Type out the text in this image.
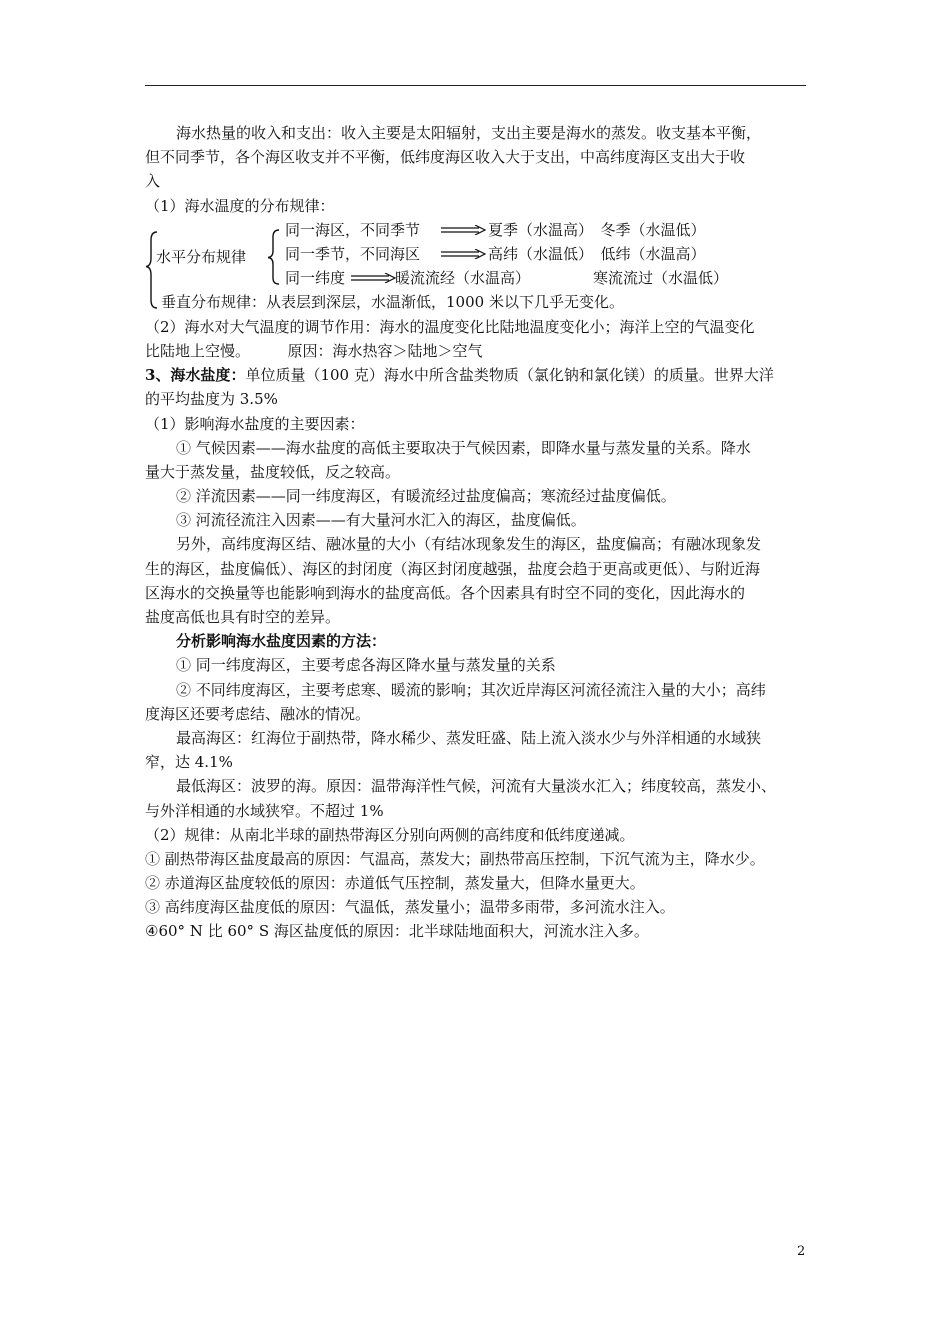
海水热量的收入和支出：收入主要是太阳辐射，支出主要是海水的蒸发。收支基本平衡，
但不同季节，各个海区收支并不平衡，低纬度海区收入大于支出，中高纬度海区支出大于收
入
（1）海水温度的分布规律：
水平分布规律
同一海区，不同季节	夏季（水温高）　冬季（水温低）
同一季节，不同海区	高纬（水温低）　低纬（水温高）
同一纬度	暖流流经（水温高）	寒流流过（水温低）
垂直分布规律：从表层到深层，水温渐低，1000 米以下几乎无变化。
（2）海水对大气温度的调节作用：海水的温度变化比陆地温度变化小；海洋上空的气温变化
比陆地上空慢。　　　原因：海水热容＞陆地＞空气
3、海水盐度：单位质量（100 克）海水中所含盐类物质（氯化钠和氯化镁）的质量。世界大洋
的平均盐度为 3.5%
（1）影响海水盐度的主要因素：
① 气候因素——海水盐度的高低主要取决于气候因素，即降水量与蒸发量的关系。降水
量大于蒸发量，盐度较低，反之较高。
② 洋流因素——同一纬度海区，有暖流经过盐度偏高；寒流经过盐度偏低。
③ 河流径流注入因素——有大量河水汇入的海区，盐度偏低。
另外，高纬度海区结、融冰量的大小（有结冰现象发生的海区，盐度偏高；有融冰现象发
生的海区，盐度偏低）、海区的封闭度（海区封闭度越强，盐度会趋于更高或更低）、与附近海
区海水的交换量等也能影响到海水的盐度高低。各个因素具有时空不同的变化，因此海水的
盐度高低也具有时空的差异。
分析影响海水盐度因素的方法：
① 同一纬度海区，主要考虑各海区降水量与蒸发量的关系
② 不同纬度海区，主要考虑寒、暖流的影响；其次近岸海区河流径流注入量的大小；高纬
度海区还要考虑结、融冰的情况。
最高海区：红海位于副热带，降水稀少、蒸发旺盛、陆上流入淡水少与外洋相通的水域狭
窄，达 4.1%
最低海区：波罗的海。原因：温带海洋性气候，河流有大量淡水汇入；纬度较高，蒸发小、
与外洋相通的水域狭窄。不超过 1%
（2）规律：从南北半球的副热带海区分别向两侧的高纬度和低纬度递减。
① 副热带海区盐度最高的原因：气温高，蒸发大；副热带高压控制，下沉气流为主，降水少。
② 赤道海区盐度较低的原因：赤道低气压控制，蒸发量大，但降水量更大。
③ 高纬度海区盐度低的原因：气温低，蒸发量小；温带多雨带，多河流水注入。
④60° N 比 60° S 海区盐度低的原因：北半球陆地面积大，河流水注入多。
2
